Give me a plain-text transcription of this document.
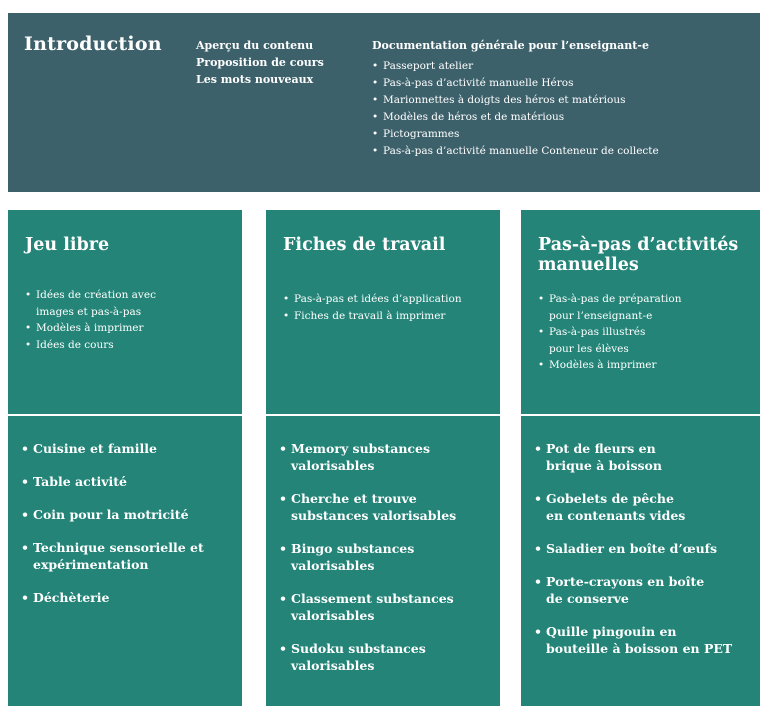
Introduction	Aperçu du contenu
Proposition de cours
Les mots nouveaux

Documentation générale pour l’enseignant-e

• Passeport atelier
• Pas-à-pas d’activité manuelle Héros
• Marionnettes à doigts des héros et matérious
• Modèles de héros et de matérious
• Pictogrammes
• Pas-à-pas d’activité manuelle Conteneur de collecte
Jeu libre
• Idées de création avec
images et pas-à-pas
• Modèles à imprimer
• Idées de cours
• Cuisine et famille
• Table activité
• Coin pour la motricité
• Technique sensorielle et
expérimentation
• Déchèterie
Fiches de travail
• Pas-à-pas et idées d’application
• Fiches de travail à imprimer
• Memory substances
valorisables
• Cherche et trouve
substances valorisables
• Bingo substances
valorisables
• Classement substances
valorisables
• Sudoku substances
valorisables
Pas-à-pas d’activités
manuelles
• Pas-à-pas de préparation
pour l’enseignant-e
• Pas-à-pas illustrés
pour les élèves
• Modèles à imprimer
• Pot de fleurs en
brique à boisson
• Gobelets de pêche
en contenants vides
• Saladier en boîte d’œufs
• Porte-crayons en boîte
de conserve
• Quille pingouin en
bouteille à boisson en PET
